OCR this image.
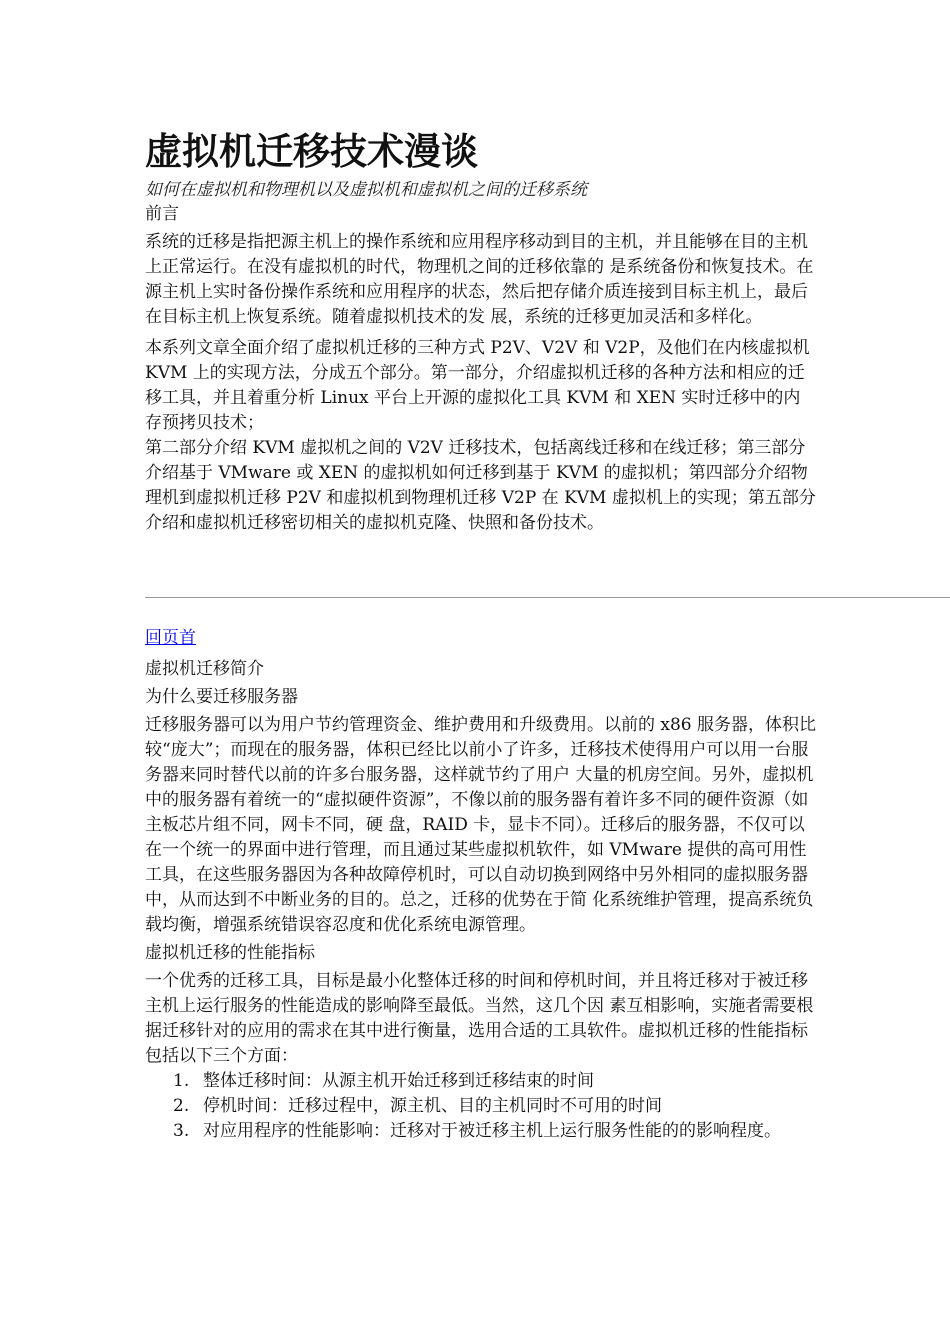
虚拟机迁移技术漫谈

如何在虚拟机和物理机以及虚拟机和虚拟机之间的迁移系统

前言

系统的迁移是指把源主机上的操作系统和应用程序移动到目的主机，并且能够在目的主机上正常运行。在没有虚拟机的时代，物理机之间的迁移依靠的 是系统备份和恢复技术。在源主机上实时备份操作系统和应用程序的状态，然后把存储介质连接到目标主机上，最后在目标主机上恢复系统。随着虚拟机技术的发 展，系统的迁移更加灵活和多样化。

本系列文章全面介绍了虚拟机迁移的三种方式 P2V、V2V 和 V2P，及他们在内核虚拟机 KVM 上的实现方法，分成五个部分。第一部分，介绍虚拟机迁移的各种方法和相应的迁移工具，并且着重分析 Linux 平台上开源的虚拟化工具 KVM 和 XEN 实时迁移中的内存预拷贝技术；

第二部分介绍 KVM 虚拟机之间的 V2V 迁移技术，包括离线迁移和在线迁移；第三部分介绍基于 VMware 或 XEN 的虚拟机如何迁移到基于 KVM 的虚拟机；第四部分介绍物理机到虚拟机迁移 P2V 和虚拟机到物理机迁移 V2P 在 KVM 虚拟机上的实现；第五部分介绍和虚拟机迁移密切相关的虚拟机克隆、快照和备份技术。

回页首

虚拟机迁移简介

为什么要迁移服务器

迁移服务器可以为用户节约管理资金、维护费用和升级费用。以前的 x86 服务器，体积比较“庞大”；而现在的服务器，体积已经比以前小了许多，迁移技术使得用户可以用一台服务器来同时替代以前的许多台服务器，这样就节约了用户 大量的机房空间。另外，虚拟机中的服务器有着统一的“虚拟硬件资源”，不像以前的服务器有着许多不同的硬件资源（如主板芯片组不同，网卡不同，硬 盘，RAID 卡，显卡不同）。迁移后的服务器，不仅可以在一个统一的界面中进行管理，而且通过某些虚拟机软件，如 VMware 提供的高可用性工具，在这些服务器因为各种故障停机时，可以自动切换到网络中另外相同的虚拟服务器中，从而达到不中断业务的目的。总之，迁移的优势在于简 化系统维护管理，提高系统负载均衡，增强系统错误容忍度和优化系统电源管理。

虚拟机迁移的性能指标

一个优秀的迁移工具，目标是最小化整体迁移的时间和停机时间，并且将迁移对于被迁移主机上运行服务的性能造成的影响降至最低。当然，这几个因 素互相影响，实施者需要根据迁移针对的应用的需求在其中进行衡量，选用合适的工具软件。虚拟机迁移的性能指标包括以下三个方面：

1. 整体迁移时间：从源主机开始迁移到迁移结束的时间
2. 停机时间：迁移过程中，源主机、目的主机同时不可用的时间
3. 对应用程序的性能影响：迁移对于被迁移主机上运行服务性能的的影响程度。
